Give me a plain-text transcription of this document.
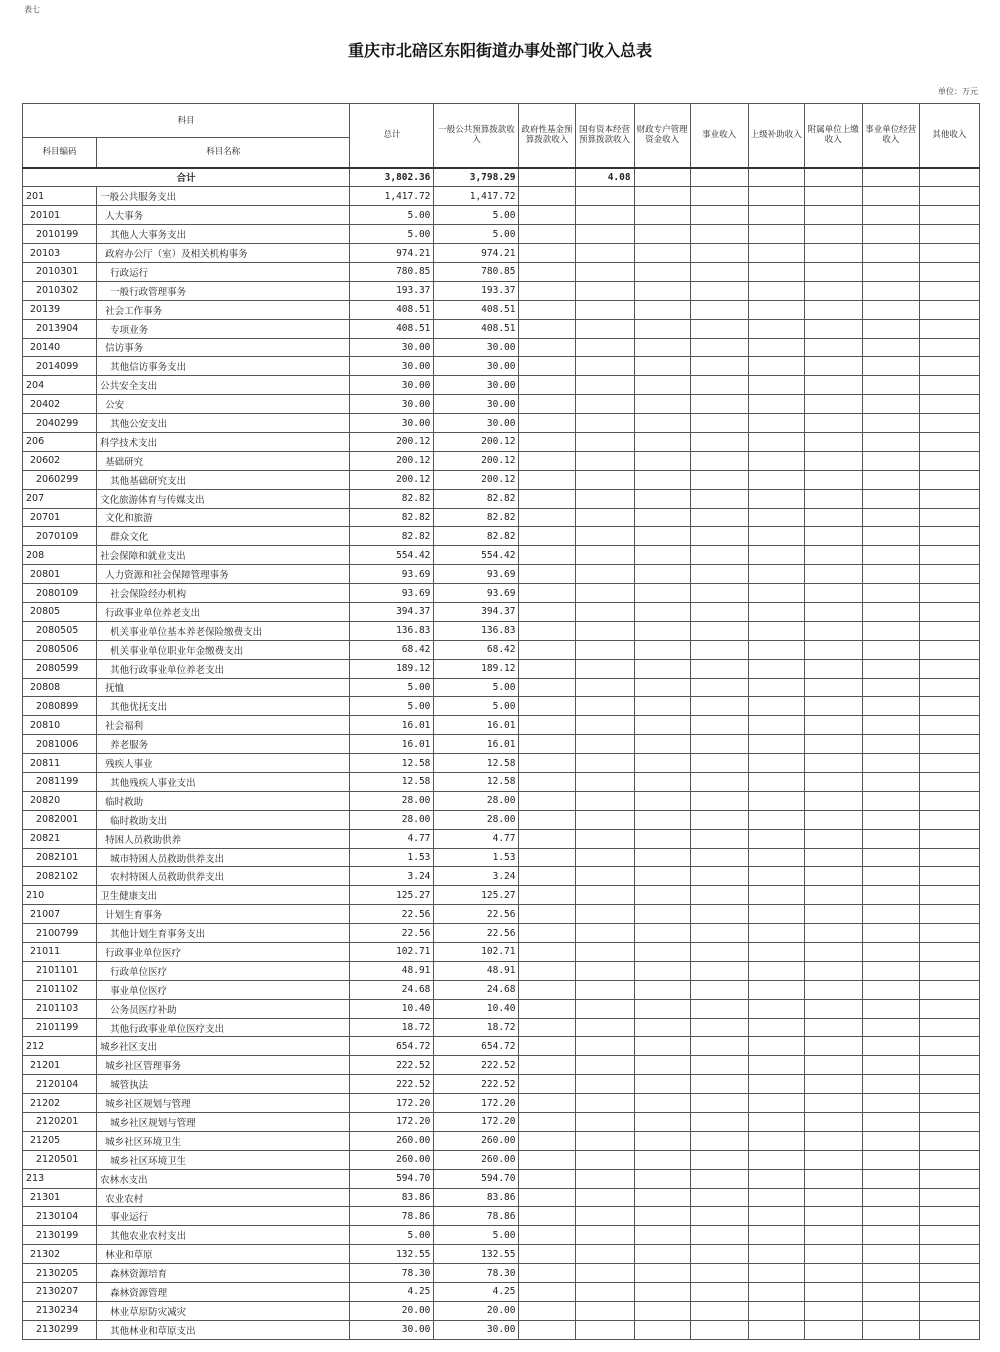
表七
重庆市北碚区东阳街道办事处部门收入总表
单位：万元
科目		总计	一般公共预算拨款收入	政府性基金预算拨款收入	国有资本经营预算拨款收入	财政专户管理资金收入	事业收入	上级补助收入	附属单位上缴收入	事业单位经营收入	其他收入
科目编码	科目名称										
合计		3,802.36	3,798.29		4.08						
201	一般公共服务支出	1,417.72	1,417.72								
20101	人大事务	5.00	5.00								
2010199	其他人大事务支出	5.00	5.00								
20103	政府办公厅（室）及相关机构事务	974.21	974.21								
2010301	行政运行	780.85	780.85								
2010302	一般行政管理事务	193.37	193.37								
20139	社会工作事务	408.51	408.51								
2013904	专项业务	408.51	408.51								
20140	信访事务	30.00	30.00								
2014099	其他信访事务支出	30.00	30.00								
204	公共安全支出	30.00	30.00								
20402	公安	30.00	30.00								
2040299	其他公安支出	30.00	30.00								
206	科学技术支出	200.12	200.12								
20602	基础研究	200.12	200.12								
2060299	其他基础研究支出	200.12	200.12								
207	文化旅游体育与传媒支出	82.82	82.82								
20701	文化和旅游	82.82	82.82								
2070109	群众文化	82.82	82.82								
208	社会保障和就业支出	554.42	554.42								
20801	人力资源和社会保障管理事务	93.69	93.69								
2080109	社会保险经办机构	93.69	93.69								
20805	行政事业单位养老支出	394.37	394.37								
2080505	机关事业单位基本养老保险缴费支出	136.83	136.83								
2080506	机关事业单位职业年金缴费支出	68.42	68.42								
2080599	其他行政事业单位养老支出	189.12	189.12								
20808	抚恤	5.00	5.00								
2080899	其他优抚支出	5.00	5.00								
20810	社会福利	16.01	16.01								
2081006	养老服务	16.01	16.01								
20811	残疾人事业	12.58	12.58								
2081199	其他残疾人事业支出	12.58	12.58								
20820	临时救助	28.00	28.00								
2082001	临时救助支出	28.00	28.00								
20821	特困人员救助供养	4.77	4.77								
2082101	城市特困人员救助供养支出	1.53	1.53								
2082102	农村特困人员救助供养支出	3.24	3.24								
210	卫生健康支出	125.27	125.27								
21007	计划生育事务	22.56	22.56								
2100799	其他计划生育事务支出	22.56	22.56								
21011	行政事业单位医疗	102.71	102.71								
2101101	行政单位医疗	48.91	48.91								
2101102	事业单位医疗	24.68	24.68								
2101103	公务员医疗补助	10.40	10.40								
2101199	其他行政事业单位医疗支出	18.72	18.72								
212	城乡社区支出	654.72	654.72								
21201	城乡社区管理事务	222.52	222.52								
2120104	城管执法	222.52	222.52								
21202	城乡社区规划与管理	172.20	172.20								
2120201	城乡社区规划与管理	172.20	172.20								
21205	城乡社区环境卫生	260.00	260.00								
2120501	城乡社区环境卫生	260.00	260.00								
213	农林水支出	594.70	594.70								
21301	农业农村	83.86	83.86								
2130104	事业运行	78.86	78.86								
2130199	其他农业农村支出	5.00	5.00								
21302	林业和草原	132.55	132.55								
2130205	森林资源培育	78.30	78.30								
2130207	森林资源管理	4.25	4.25								
2130234	林业草原防灾减灾	20.00	20.00								
2130299	其他林业和草原支出	30.00	30.00								
